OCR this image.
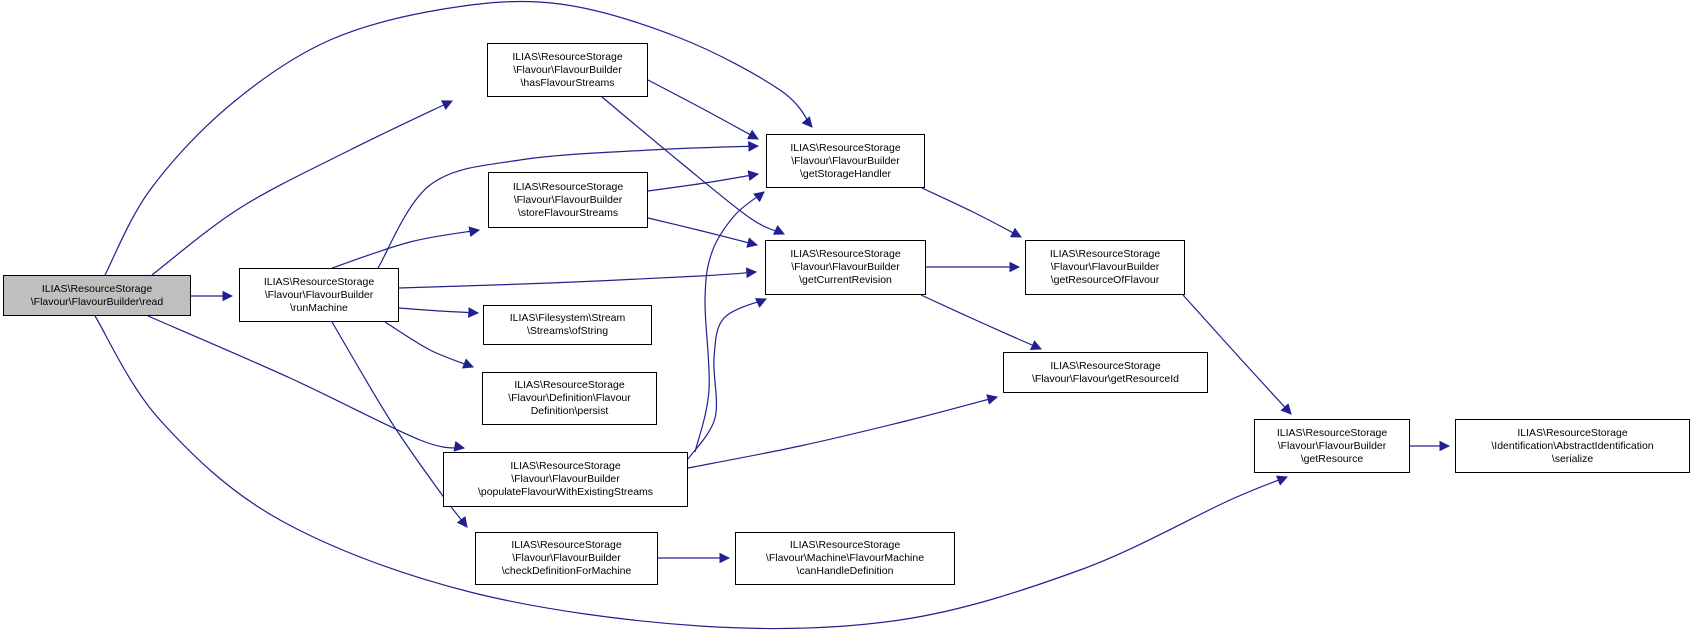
ILIAS\ResourceStorage
\Flavour\FlavourBuilder\read
ILIAS\ResourceStorage
\Flavour\FlavourBuilder
\runMachine
ILIAS\ResourceStorage
\Flavour\FlavourBuilder
\hasFlavourStreams
ILIAS\ResourceStorage
\Flavour\FlavourBuilder
\storeFlavourStreams
ILIAS\Filesystem\Stream
\Streams\ofString
ILIAS\ResourceStorage
\Flavour\Definition\Flavour
Definition\persist
ILIAS\ResourceStorage
\Flavour\FlavourBuilder
\populateFlavourWithExistingStreams
ILIAS\ResourceStorage
\Flavour\FlavourBuilder
\checkDefinitionForMachine
ILIAS\ResourceStorage
\Flavour\Machine\FlavourMachine
\canHandleDefinition
ILIAS\ResourceStorage
\Flavour\FlavourBuilder
\getStorageHandler
ILIAS\ResourceStorage
\Flavour\FlavourBuilder
\getCurrentRevision
ILIAS\ResourceStorage
\Flavour\FlavourBuilder
\getResourceOfFlavour
ILIAS\ResourceStorage
\Flavour\Flavour\getResourceId
ILIAS\ResourceStorage
\Flavour\FlavourBuilder
\getResource
ILIAS\ResourceStorage
\Identification\AbstractIdentification
\serialize
